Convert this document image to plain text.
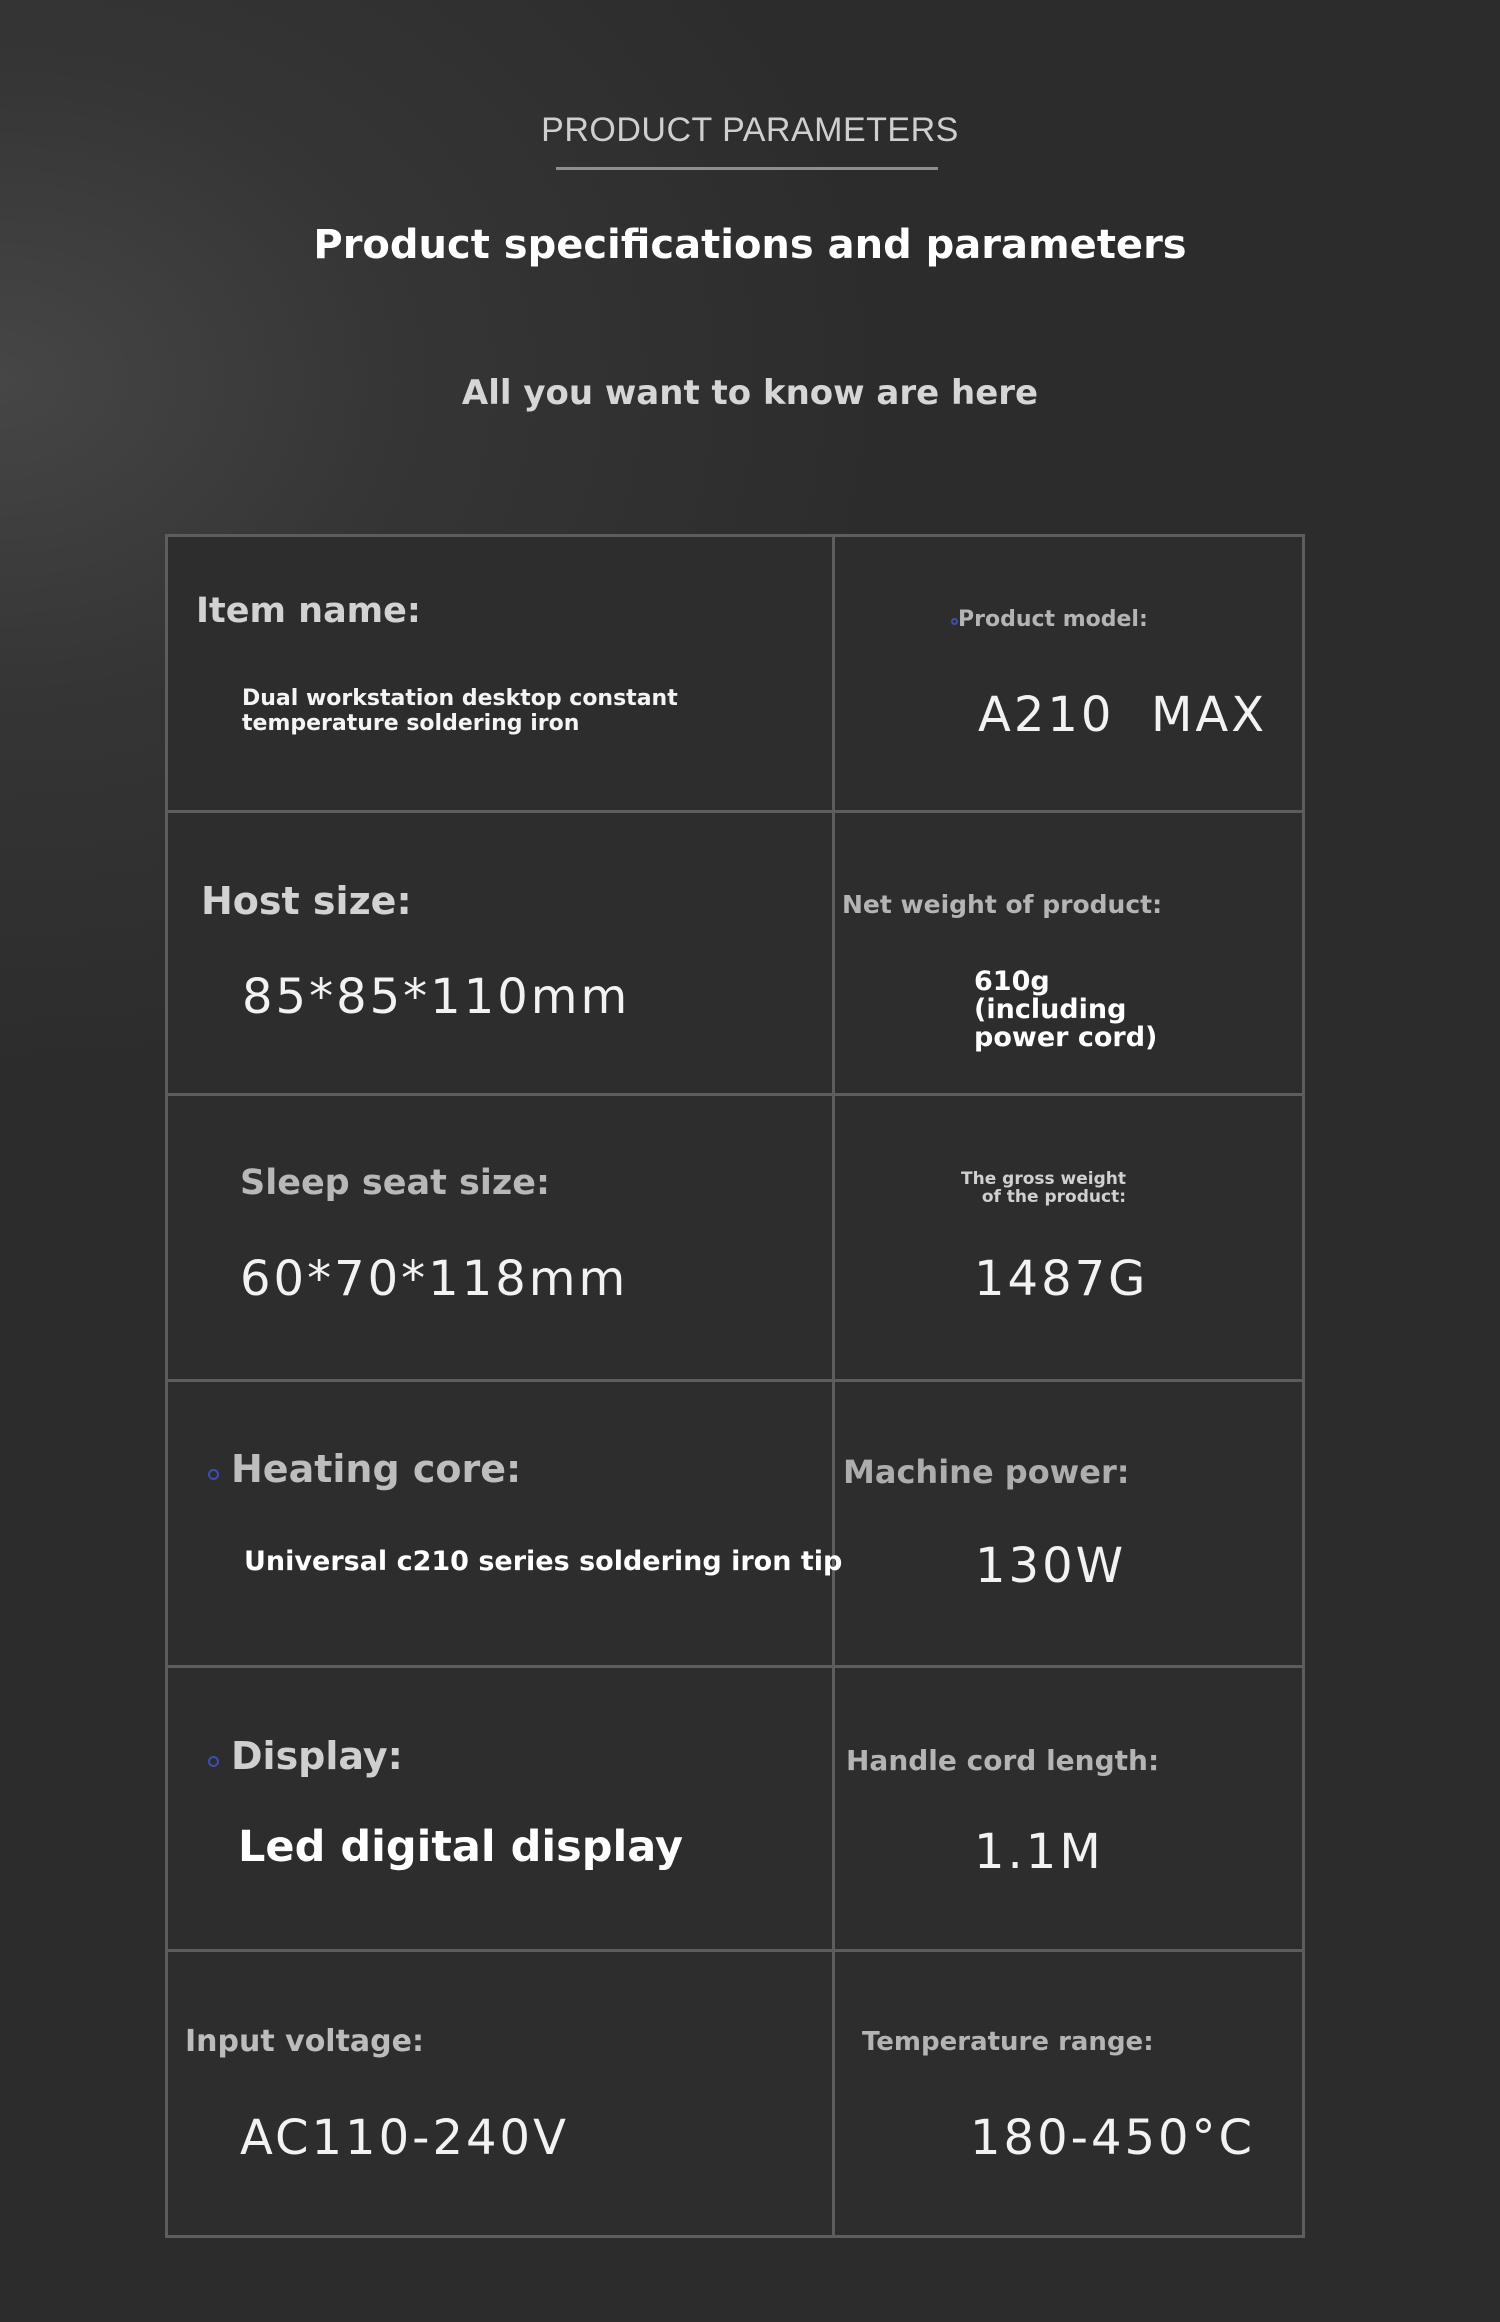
PRODUCT PARAMETERS
Product specifications and parameters
All you want to know are here
Item name:
Dual workstation desktop constant temperature soldering iron
Product model:
A210  MAX
Host size:
85*85*110mm
Net weight of product:
610g (including power cord)
Sleep seat size:
60*70*118mm
The gross weight of the product:
1487G
Heating core:
Universal c210 series soldering iron tip
Machine power:
130W
Display:
Led digital display
Handle cord length:
1.1M
Input voltage:
AC110-240V
Temperature range:
180-450°C
